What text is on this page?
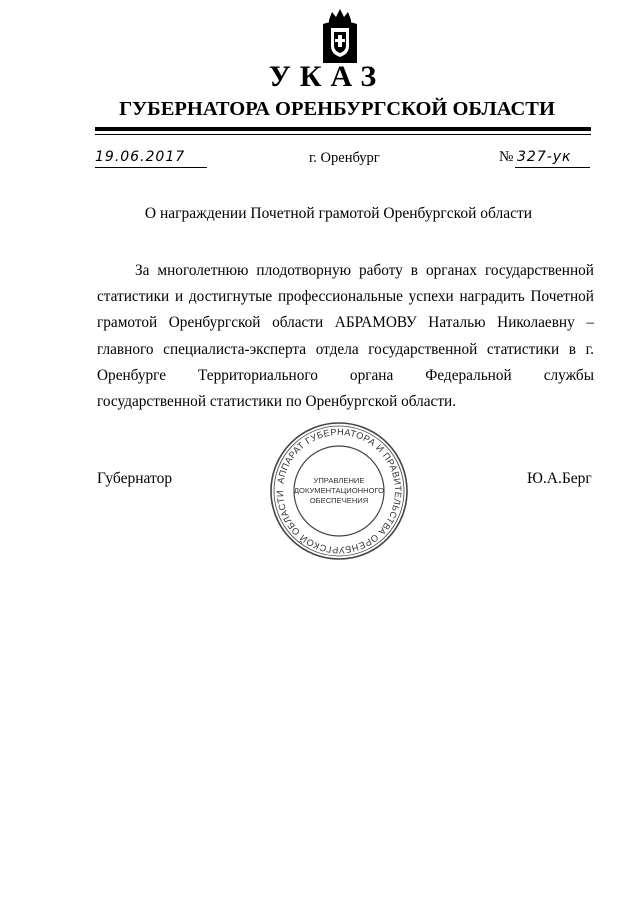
УКАЗ
ГУБЕРНАТОРА ОРЕНБУРГСКОЙ ОБЛАСТИ
19.06.2017	г. Оренбург	№ 327-ук
О награждении Почетной грамотой Оренбургской области

За многолетнюю плодотворную работу в органах государственной статистики и достигнутые профессиональные успехи наградить Почетной грамотой Оренбургской области АБРАМОВУ Наталью Николаевну – главного специалиста-эксперта отдела государственной статистики в г. Оренбурге Территориального органа Федеральной службы государственной статистики по Оренбургской области.

Губернатор	Ю.А.Берг
АППАРАТ ГУБЕРНАТОРА И ПРАВИТЕЛЬСТВА ОРЕНБУРГСКОЙ ОБЛАСТИ
УПРАВЛЕНИЕ
ДОКУМЕНТАЦИОННОГО
ОБЕСПЕЧЕНИЯ
